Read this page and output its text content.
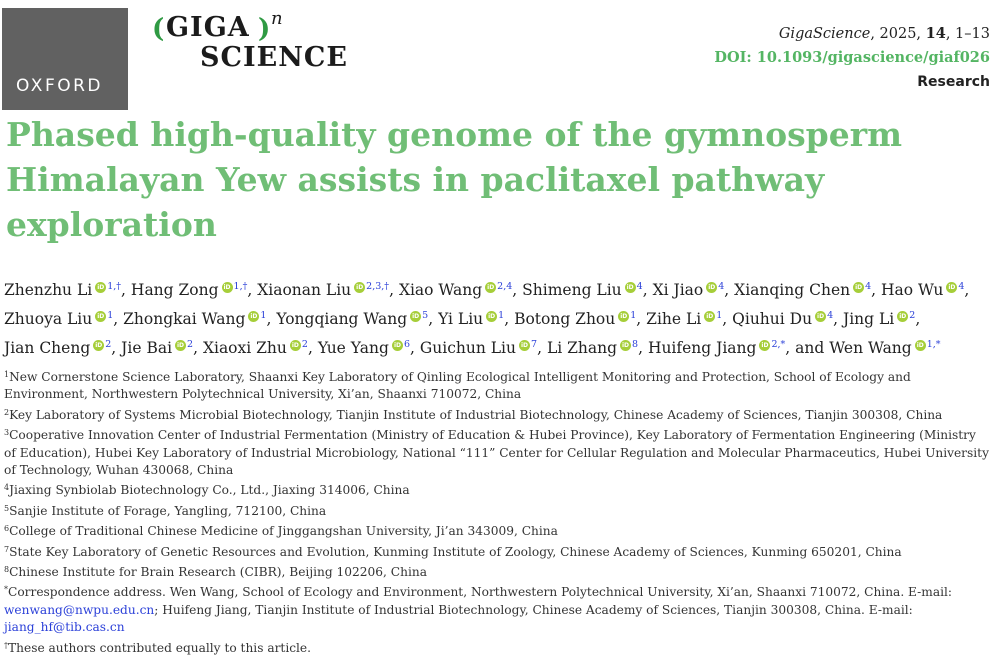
OXFORD
( GIGA ) n
SCIENCE
GigaScience, 2025, 14, 1–13
DOI: 10.1093/gigascience/giaf026
Research
Phased high-quality genome of the gymnosperm Himalayan Yew assists in paclitaxel pathway exploration

Zhenzhu Li iD $^{1,\dagger}$, Hang Zong iD $^{1,\dagger}$, Xiaonan Liu iD $^{2,3,\dagger}$, Xiao Wang iD $^{2,4}$, Shimeng Liu iD $^4$, Xi Jiao iD $^4$, Xianqing Chen iD $^4$, Hao Wu iD $^4$, Zhuoya Liu iD $^1$, Zhongkai Wang iD $^1$, Yongqiang Wang iD $^5$, Yi Liu iD $^1$, Botong Zhou iD $^1$, Zihe Li iD $^1$, Qiuhui Du iD $^4$, Jing Li iD $^2$, Jian Cheng iD $^2$, Jie Bai iD $^2$, Xiaoxi Zhu iD $^2$, Yue Yang iD $^6$, Guichun Liu iD $^7$, Li Zhang iD $^8$, Huifeng Jiang iD $^{2,*}$, and Wen Wang iD $^{1,*}$

$^1$New Cornerstone Science Laboratory, Shaanxi Key Laboratory of Qinling Ecological Intelligent Monitoring and Protection, School of Ecology and Environment, Northwestern Polytechnical University, Xi’an, Shaanxi 710072, China
$^2$Key Laboratory of Systems Microbial Biotechnology, Tianjin Institute of Industrial Biotechnology, Chinese Academy of Sciences, Tianjin 300308, China
$^3$Cooperative Innovation Center of Industrial Fermentation (Ministry of Education & Hubei Province), Key Laboratory of Fermentation Engineering (Ministry of Education), Hubei Key Laboratory of Industrial Microbiology, National “111” Center for Cellular Regulation and Molecular Pharmaceutics, Hubei University of Technology, Wuhan 430068, China
$^4$Jiaxing Synbiolab Biotechnology Co., Ltd., Jiaxing 314006, China
$^5$Sanjie Institute of Forage, Yangling, 712100, China
$^6$College of Traditional Chinese Medicine of Jinggangshan University, Ji’an 343009, China
$^7$State Key Laboratory of Genetic Resources and Evolution, Kunming Institute of Zoology, Chinese Academy of Sciences, Kunming 650201, China
$^8$Chinese Institute for Brain Research (CIBR), Beijing 102206, China
*Correspondence address. Wen Wang, School of Ecology and Environment, Northwestern Polytechnical University, Xi’an, Shaanxi 710072, China. E-mail: wenwang@nwpu.edu.cn; Huifeng Jiang, Tianjin Institute of Industrial Biotechnology, Chinese Academy of Sciences, Tianjin 300308, China. E-mail: jiang_hf@tib.cas.cn
†These authors contributed equally to this article.
